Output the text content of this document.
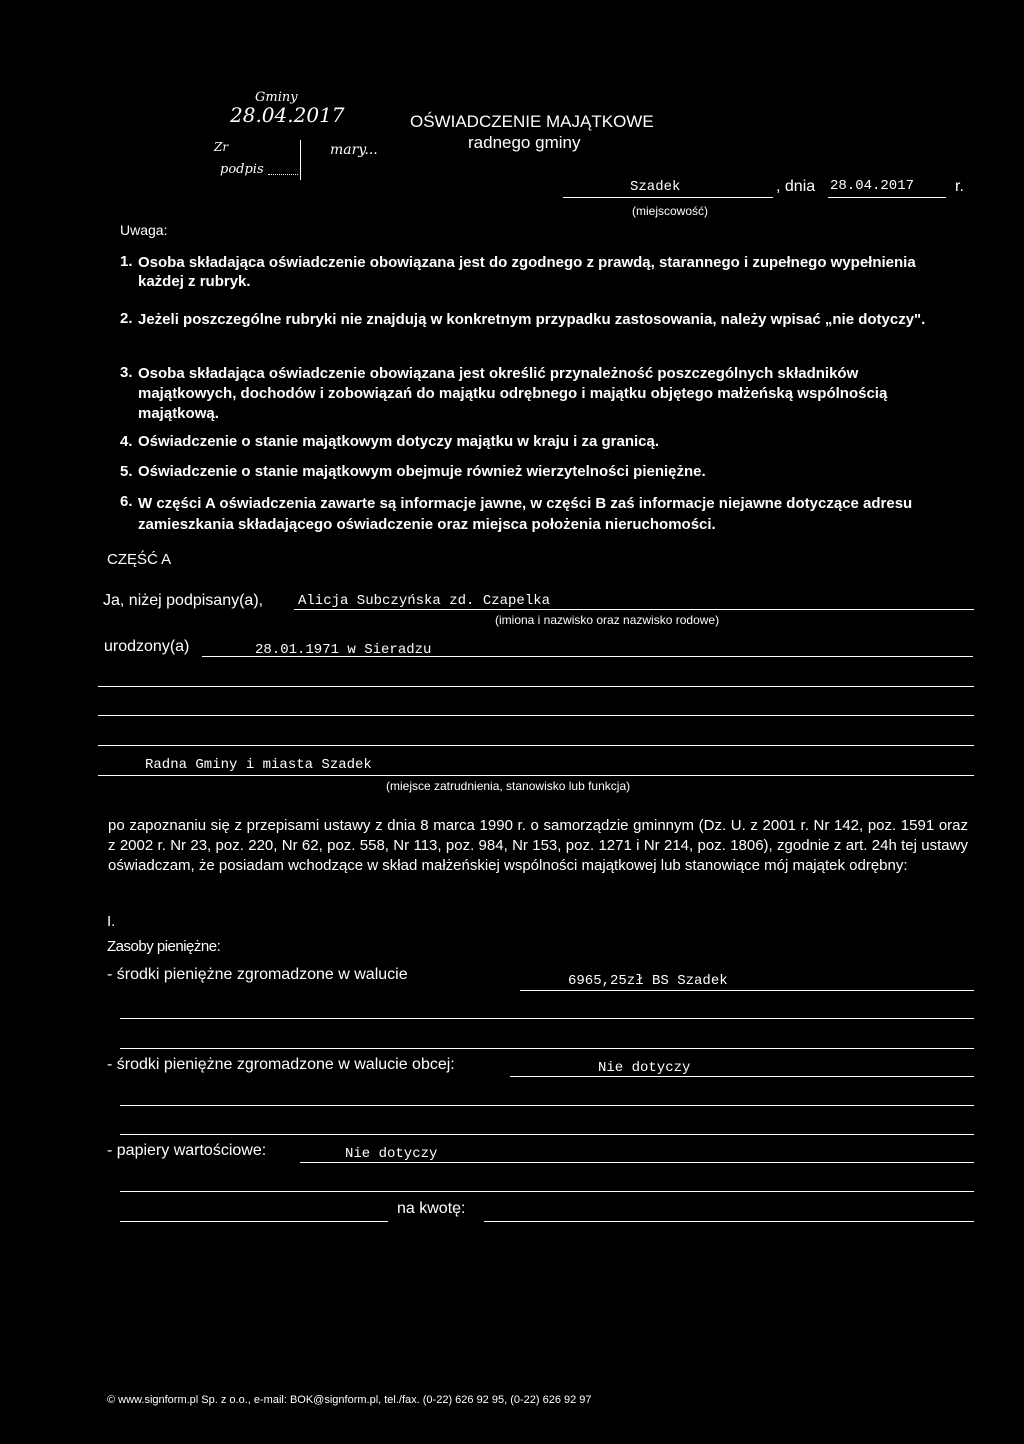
Gminy
28.04.2017
Zr
podpis
mary...
OŚWIADCZENIE MAJĄTKOWE
radnego gminy
Szadek	, dnia 28.04.2017	r.
(miejscowość)
Uwaga:
1. Osoba składająca oświadczenie obowiązana jest do zgodnego z prawdą, starannego i zupełnego wypełnienia każdej z rubryk.
2. Jeżeli poszczególne rubryki nie znajdują w konkretnym przypadku zastosowania, należy wpisać „nie dotyczy".
3. Osoba składająca oświadczenie obowiązana jest określić przynależność poszczególnych składników majątkowych, dochodów i zobowiązań do majątku odrębnego i majątku objętego małżeńską wspólnością majątkową.
4. Oświadczenie o stanie majątkowym dotyczy majątku w kraju i za granicą.
5. Oświadczenie o stanie majątkowym obejmuje również wierzytelności pieniężne.
6. W części A oświadczenia zawarte są informacje jawne, w części B zaś informacje niejawne dotyczące adresu zamieszkania składającego oświadczenie oraz miejsca położenia nieruchomości.
CZĘŚĆ A
Ja, niżej podpisany(a), Alicja Subczyńska zd. Czapelka
(imiona i nazwisko oraz nazwisko rodowe)
urodzony(a)	28.01.1971 w Sieradzu
Radna Gminy i miasta Szadek
(miejsce zatrudnienia, stanowisko lub funkcja)
po zapoznaniu się z przepisami ustawy z dnia 8 marca 1990 r. o samorządzie gminnym (Dz. U. z 2001 r. Nr 142, poz. 1591 oraz z 2002 r. Nr 23, poz. 220, Nr 62, poz. 558, Nr 113, poz. 984, Nr 153, poz. 1271 i Nr 214, poz. 1806), zgodnie z art. 24h tej ustawy oświadczam, że posiadam wchodzące w skład małżeńskiej wspólności majątkowej lub stanowiące mój majątek odrębny:
I.
Zasoby pieniężne:
- środki pieniężne zgromadzone w walucie	6965,25zł BS Szadek
- środki pieniężne zgromadzone w walucie obcej:	Nie dotyczy
- papiery wartościowe:	Nie dotyczy
na kwotę:
© www.signform.pl Sp. z o.o., e-mail: BOK@signform.pl, tel./fax. (0-22) 626 92 95, (0-22) 626 92 97
